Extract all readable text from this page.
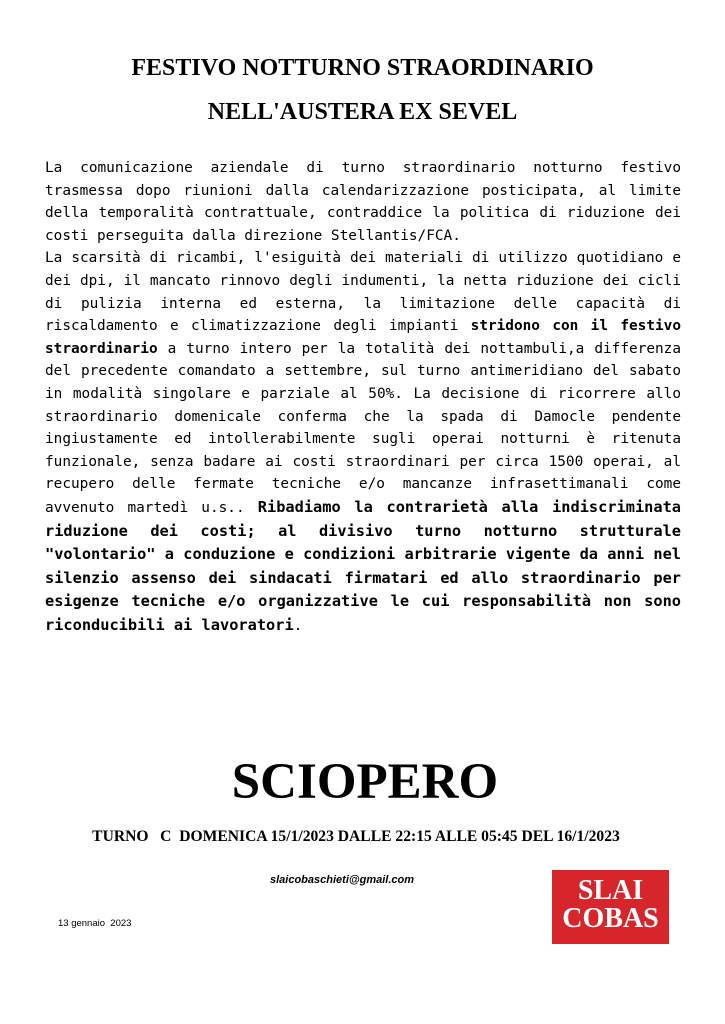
FESTIVO NOTTURNO STRAORDINARIO
NELL'AUSTERA EX SEVEL

La comunicazione aziendale di turno straordinario notturno festivo trasmessa dopo riunioni dalla calendarizzazione posticipata, al limite della temporalità contrattuale, contraddice la politica di riduzione dei costi perseguita dalla direzione Stellantis/FCA.

La scarsità di ricambi, l'esiguità dei materiali di utilizzo quotidiano e dei dpi, il mancato rinnovo degli indumenti, la netta riduzione dei cicli di pulizia interna ed esterna, la limitazione delle capacità di riscaldamento e climatizzazione degli impianti stridono con il festivo straordinario a turno intero per la totalità dei nottambuli,a differenza del precedente comandato a settembre, sul turno antimeridiano del sabato in modalità singolare e parziale al 50%. La decisione di ricorrere allo straordinario domenicale conferma che la spada di Damocle pendente ingiustamente ed intollerabilmente sugli operai notturni è ritenuta funzionale, senza badare ai costi straordinari per circa 1500 operai, al recupero delle fermate tecniche e/o mancanze infrasettimanali come avvenuto martedì u.s.. Ribadiamo la contrarietà alla indiscriminata riduzione dei costi; al divisivo turno notturno strutturale "volontario" a conduzione e condizioni arbitrarie vigente da anni nel silenzio assenso dei sindacati firmatari ed allo straordinario per esigenze tecniche e/o organizzative le cui responsabilità non sono riconducibili ai lavoratori.

SCIOPERO
TURNO   C  DOMENICA 15/1/2023 DALLE 22:15 ALLE 05:45 DEL 16/1/2023
slaicobaschieti@gmail.com
13 gennaio  2023
SLAI
COBAS
